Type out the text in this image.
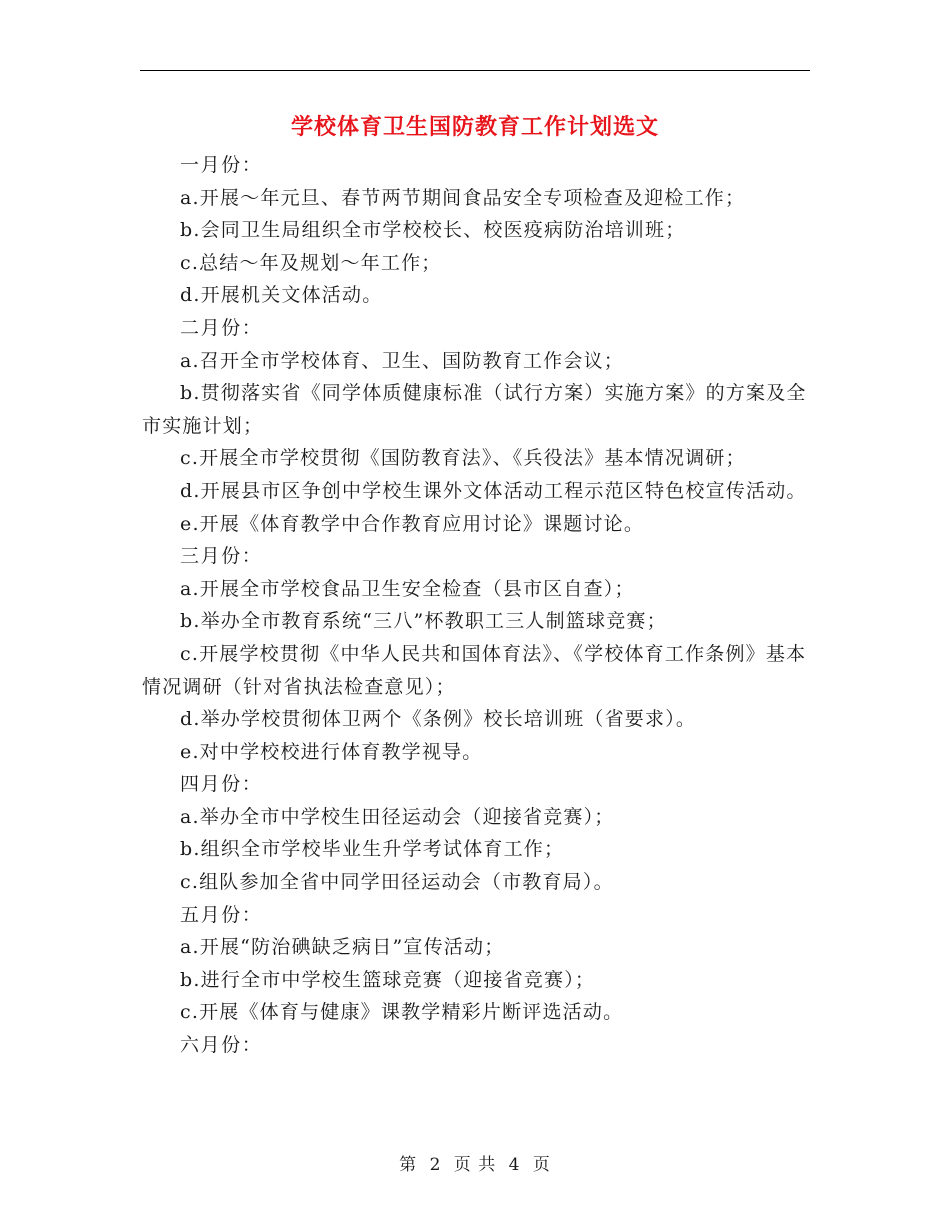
学校体育卫生国防教育工作计划选文

一月份：

a.开展～年元旦、春节两节期间食品安全专项检查及迎检工作；

b.会同卫生局组织全市学校校长、校医疫病防治培训班；

c.总结～年及规划～年工作；

d.开展机关文体活动。

二月份：

a.召开全市学校体育、卫生、国防教育工作会议；

b.贯彻落实省《同学体质健康标准（试行方案）实施方案》的方案及全市实施计划；

c.开展全市学校贯彻《国防教育法》、《兵役法》基本情况调研；

d.开展县市区争创中学校生课外文体活动工程示范区特色校宣传活动。

e.开展《体育教学中合作教育应用讨论》课题讨论。

三月份：

a.开展全市学校食品卫生安全检查（县市区自查）；

b.举办全市教育系统“三八”杯教职工三人制篮球竞赛；

c.开展学校贯彻《中华人民共和国体育法》、《学校体育工作条例》基本情况调研（针对省执法检查意见）；

d.举办学校贯彻体卫两个《条例》校长培训班（省要求）。

e.对中学校校进行体育教学视导。

四月份：

a.举办全市中学校生田径运动会（迎接省竞赛）；

b.组织全市学校毕业生升学考试体育工作；

c.组队参加全省中同学田径运动会（市教育局）。

五月份：

a.开展“防治碘缺乏病日”宣传活动；

b.进行全市中学校生篮球竞赛（迎接省竞赛）；

c.开展《体育与健康》课教学精彩片断评选活动。

六月份：

第 2 页 共 4 页
